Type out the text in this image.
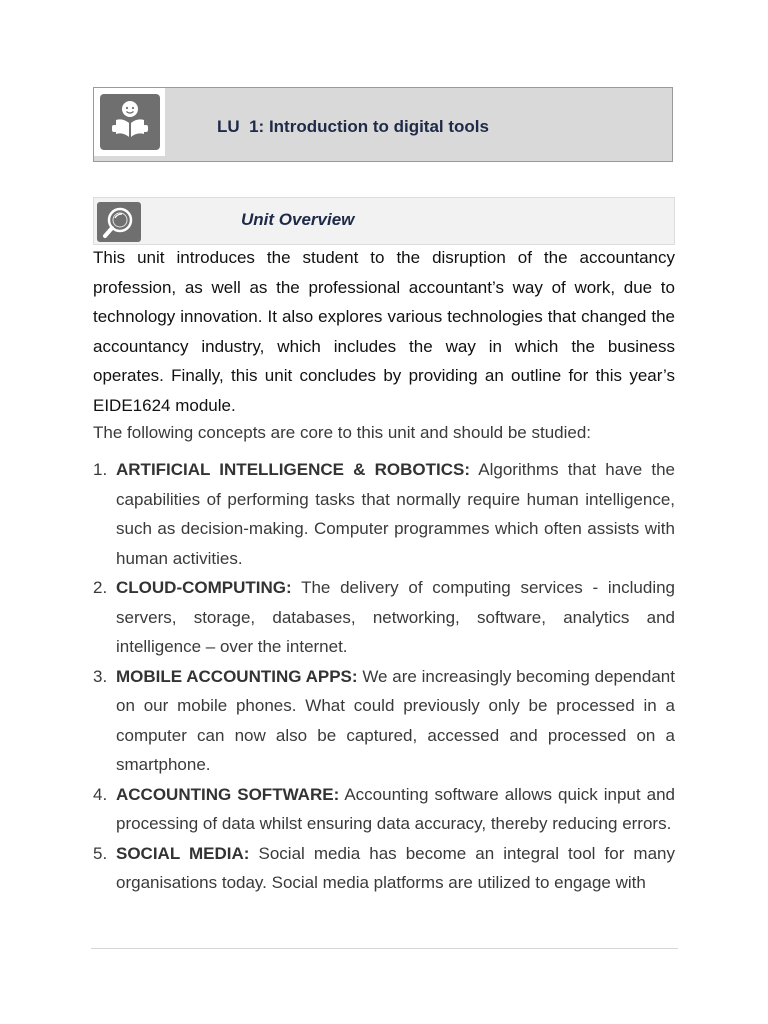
LU  1: Introduction to digital tools
Unit Overview

This unit introduces the student to the disruption of the accountancy profession, as well as the professional accountant’s way of work, due to technology innovation. It also explores various technologies that changed the accountancy industry, which includes the way in which the business operates. Finally, this unit concludes by providing an outline for this year’s EIDE1624 module.

The following concepts are core to this unit and should be studied:

1. ARTIFICIAL INTELLIGENCE & ROBOTICS: Algorithms that have the capabilities of performing tasks that normally require human intelligence, such as decision-making. Computer programmes which often assists with human activities.
2. CLOUD-COMPUTING: The delivery of computing services - including servers, storage, databases, networking, software, analytics and intelligence – over the internet.
3. MOBILE ACCOUNTING APPS: We are increasingly becoming dependant on our mobile phones. What could previously only be processed in a computer can now also be captured, accessed and processed on a smartphone.
4. ACCOUNTING SOFTWARE: Accounting software allows quick input and processing of data whilst ensuring data accuracy, thereby reducing errors.
5. SOCIAL MEDIA: Social media has become an integral tool for many organisations today. Social media platforms are utilized to engage with
